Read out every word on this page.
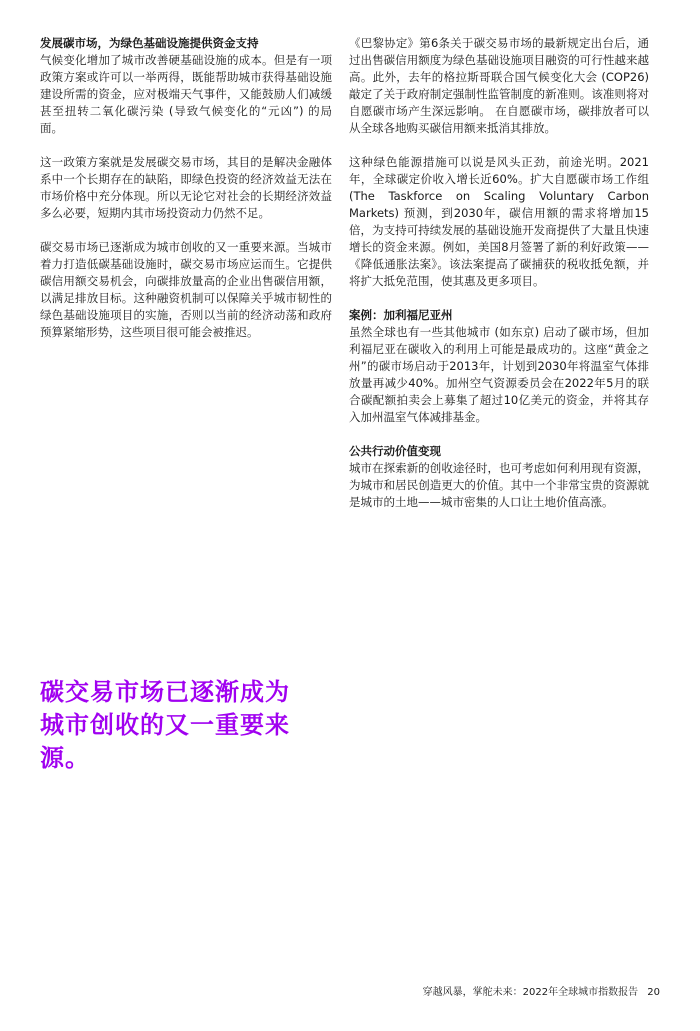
发展碳市场，为绿色基础设施提供资金支持

气候变化增加了城市改善硬基础设施的成本。但是有一项政策方案或许可以一举两得，既能帮助城市获得基础设施建设所需的资金，应对极端天气事件，又能鼓励人们减缓甚至扭转二氧化碳污染 (导致气候变化的“元凶”) 的局面。

这一政策方案就是发展碳交易市场，其目的是解决金融体系中一个长期存在的缺陷，即绿色投资的经济效益无法在市场价格中充分体现。所以无论它对社会的长期经济效益多么必要，短期内其市场投资动力仍然不足。

碳交易市场已逐渐成为城市创收的又一重要来源。当城市着力打造低碳基础设施时，碳交易市场应运而生。它提供碳信用额交易机会，向碳排放量高的企业出售碳信用额，以满足排放目标。这种融资机制可以保障关乎城市韧性的绿色基础设施项目的实施，否则以当前的经济动荡和政府预算紧缩形势，这些项目很可能会被推迟。

《巴黎协定》第6条关于碳交易市场的最新规定出台后，通过出售碳信用额度为绿色基础设施项目融资的可行性越来越高。此外，去年的格拉斯哥联合国气候变化大会 (COP26) 敲定了关于政府制定强制性监管制度的新准则。该准则将对自愿碳市场产生深远影响。 在自愿碳市场，碳排放者可以从全球各地购买碳信用额来抵消其排放。

这种绿色能源措施可以说是风头正劲，前途光明。2021年，全球碳定价收入增长近60%。扩大自愿碳市场工作组 (The Taskforce on Scaling Voluntary Carbon Markets) 预测，到2030年，碳信用额的需求将增加15倍，为支持可持续发展的基础设施开发商提供了大量且快速增长的资金来源。例如，美国8月签署了新的利好政策——《降低通胀法案》。该法案提高了碳捕获的税收抵免额，并将扩大抵免范围，使其惠及更多项目。

案例：加利福尼亚州

虽然全球也有一些其他城市 (如东京) 启动了碳市场，但加利福尼亚在碳收入的利用上可能是最成功的。这座“黄金之州”的碳市场启动于2013年，计划到2030年将温室气体排放量再减少40%。加州空气资源委员会在2022年5月的联合碳配额拍卖会上募集了超过10亿美元的资金，并将其存入加州温室气体减排基金。

公共行动价值变现

城市在探索新的创收途径时，也可考虑如何利用现有资源，为城市和居民创造更大的价值。其中一个非常宝贵的资源就是城市的土地——城市密集的人口让土地价值高涨。

碳交易市场已逐渐成为城市创收的又一重要来源。
穿越风暴，掌舵未来：2022年全球城市指数报告 20
